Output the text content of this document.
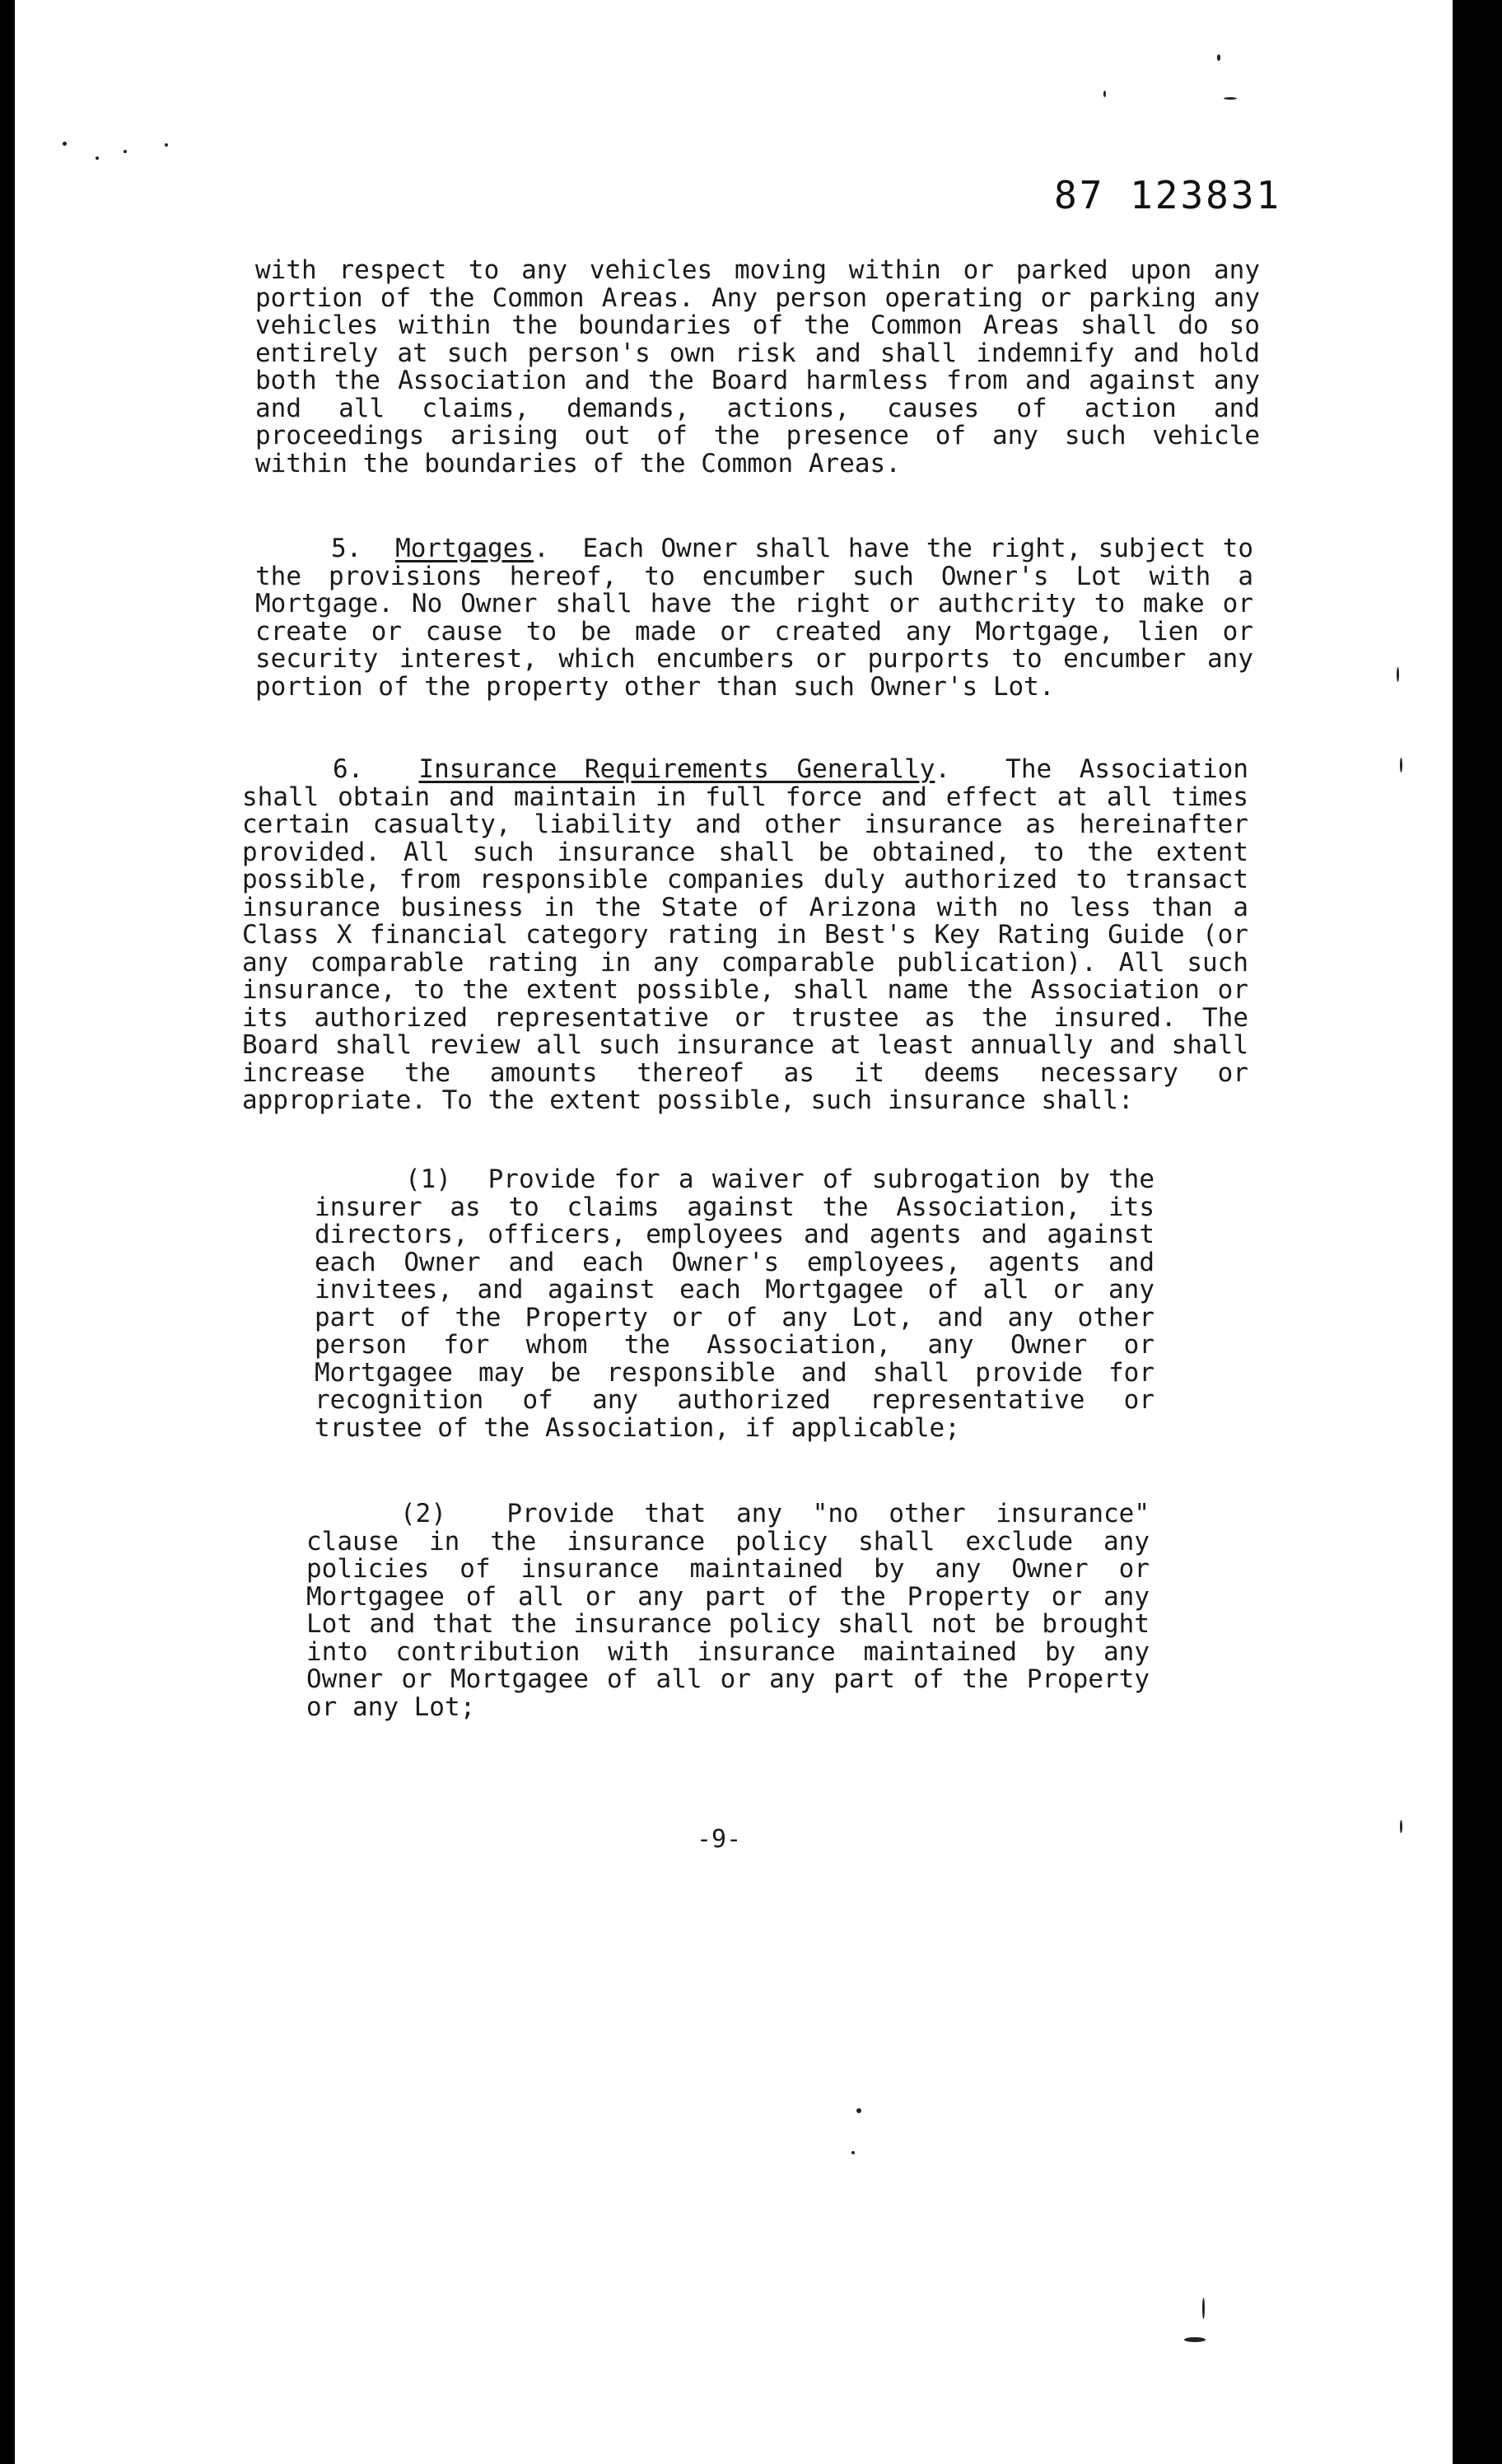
87 123831

with respect to any vehicles moving within or parked upon any portion of the Common Areas. Any person operating or parking any vehicles within the boundaries of the Common Areas shall do so entirely at such person's own risk and shall indemnify and hold both the Association and the Board harmless from and against any and all claims, demands, actions, causes of action and proceedings arising out of the presence of any such vehicle within the boundaries of the Common Areas.

5. Mortgages.  Each Owner shall have the right, subject to the provisions hereof, to encumber such Owner's Lot with a Mortgage. No Owner shall have the right or authcrity to make or create or cause to be made or created any Mortgage, lien or security interest, which encumbers or purports to encumber any portion of the property other than such Owner's Lot.

6. Insurance Requirements Generally.  The Association shall obtain and maintain in full force and effect at all times certain casualty, liability and other insurance as hereinafter provided. All such insurance shall be obtained, to the extent possible, from responsible companies duly authorized to transact insurance business in the State of Arizona with no less than a Class X financial category rating in Best's Key Rating Guide (or any comparable rating in any comparable publication). All such insurance, to the extent possible, shall name the Association or its authorized representative or trustee as the insured. The Board shall review all such insurance at least annually and shall increase the amounts thereof as it deems necessary or appropriate. To the extent possible, such insurance shall:

(1) Provide for a waiver of subrogation by the insurer as to claims against the Association, its directors, officers, employees and agents and against each Owner and each Owner's employees, agents and invitees, and against each Mortgagee of all or any part of the Property or of any Lot, and any other person for whom the Association, any Owner or Mortgagee may be responsible and shall provide for recognition of any authorized representative or trustee of the Association, if applicable;

(2) Provide that any "no other insurance" clause in the insurance policy shall exclude any policies of insurance maintained by any Owner or Mortgagee of all or any part of the Property or any Lot and that the insurance policy shall not be brought into contribution with insurance maintained by any Owner or Mortgagee of all or any part of the Property or any Lot;

-9-
